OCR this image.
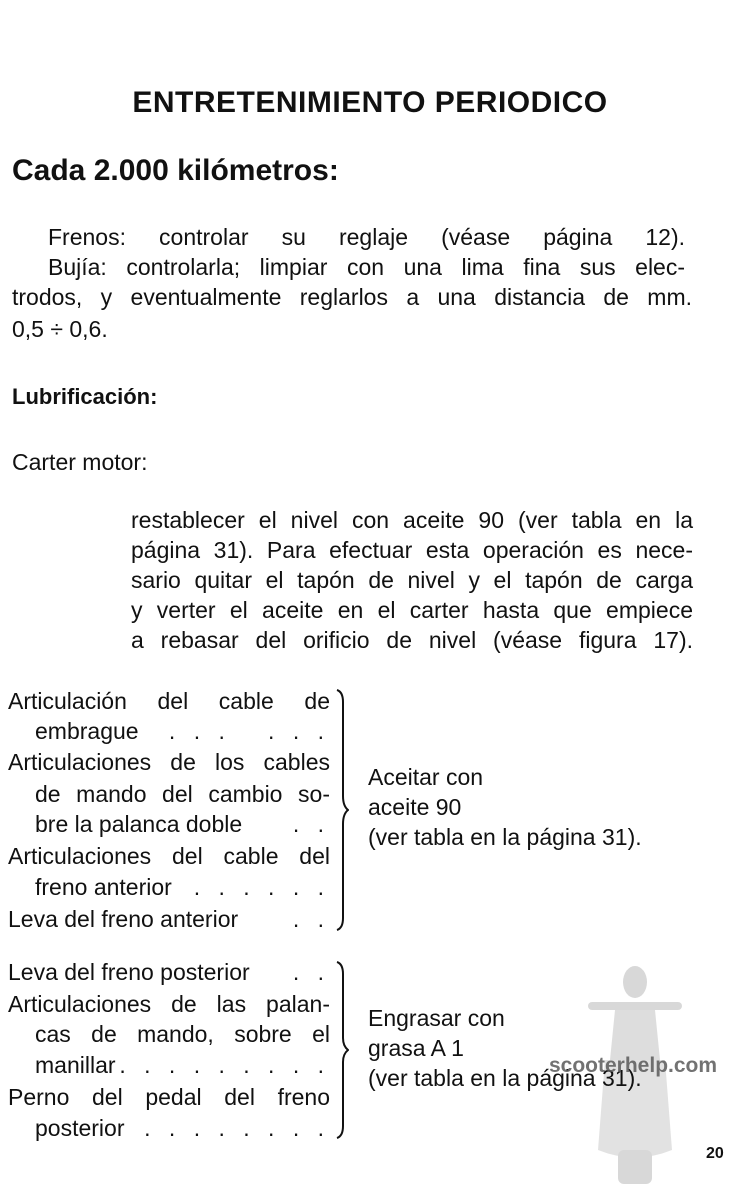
ENTRETENIMIENTO PERIODICO
Cada 2.000 kilómetros:
Frenos: controlar su reglaje (véase página 12).
Bujía: controlarla; limpiar con una lima fina sus elec-
trodos, y eventualmente reglarlos a una distancia de mm.
0,5 ÷ 0,6.
Lubrificación:
Carter motor:
restablecer el nivel con aceite 90 (ver tabla en la
página 31). Para efectuar esta operación es nece-
sario quitar el tapón de nivel y el tapón de carga
y verter el aceite en el carter hasta que empiece
a rebasar del orificio de nivel (véase figura 17).
Articulación del cable de
embrague . . .   . . .
Articulaciones de los cables
de mando del cambio so-
bre la palanca doble . .
Articulaciones del cable del
freno anterior . . . . . .
Leva del freno anterior . .
Aceitar con
aceite 90
(ver tabla en la página 31).
Leva del freno posterior . .
Articulaciones de las palan-
cas de mando, sobre el
manillar . . . . . . . . .
Perno del pedal del freno
posterior . . . . . . . .
Engrasar con
grasa A 1
(ver tabla en la página 31).
scooterhelp.com
20
